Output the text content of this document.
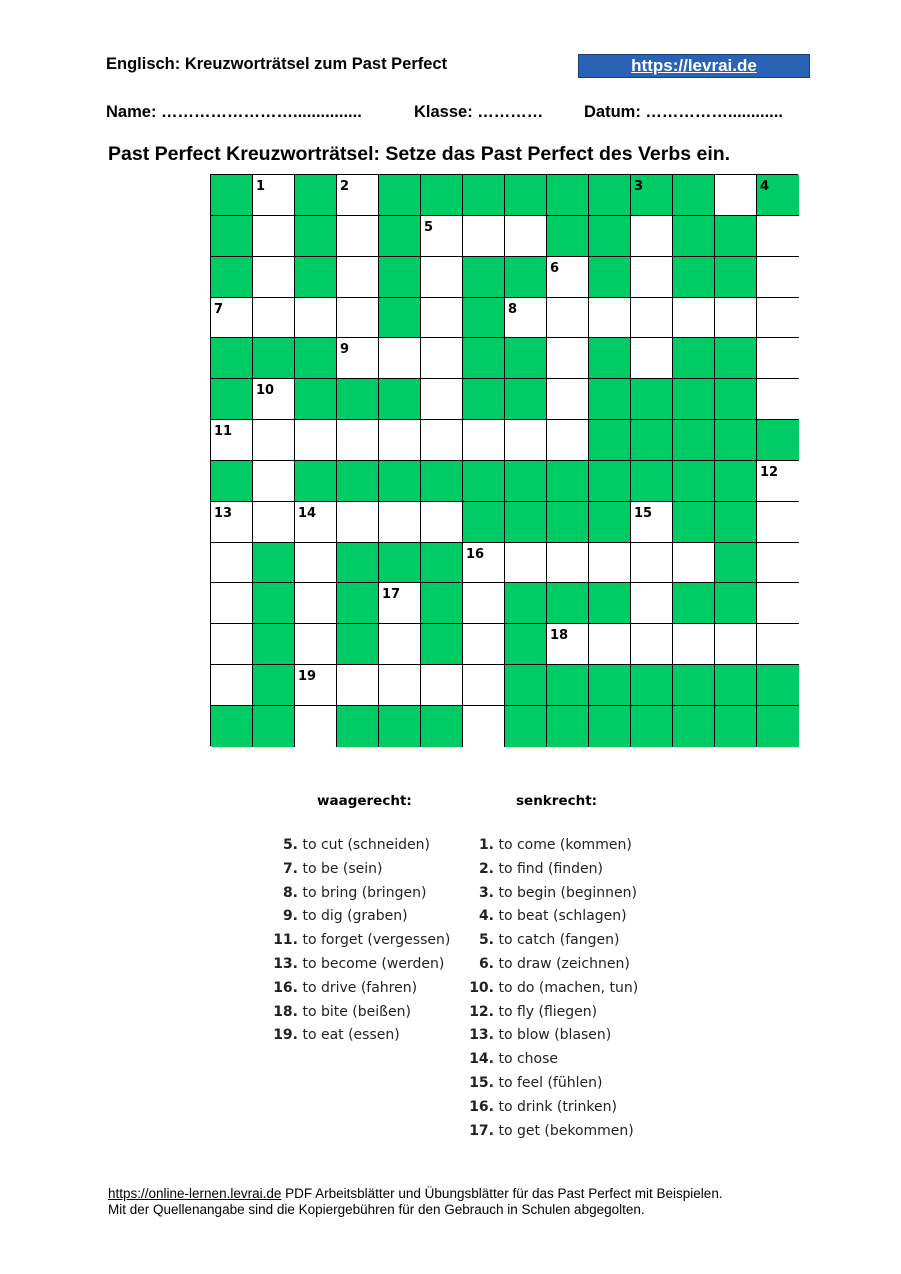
Englisch: Kreuzworträtsel zum Past Perfect	https://levrai.de
Name: ……………………...............	Klasse: ………… Datum: ……………............
Past Perfect Kreuzworträtsel: Setze das Past Perfect des Verbs ein.
1	2	3	4
5
6
7	8
9
10
11
12
13	14	15
16
17
18
19
waagerecht:	senkrecht:
5. to cut (schneiden)
7. to be (sein)
8. to bring (bringen)
9. to dig (graben)
11. to forget (vergessen)
13. to become (werden)
16. to drive (fahren)
18. to bite (beißen)
19. to eat (essen)
1. to come (kommen)
2. to find (finden)
3. to begin (beginnen)
4. to beat (schlagen)
5. to catch (fangen)
6. to draw (zeichnen)
10. to do (machen, tun)
12. to fly (fliegen)
13. to blow (blasen)
14. to chose
15. to feel (fühlen)
16. to drink (trinken)
17. to get (bekommen)
https://online-lernen.levrai.de PDF Arbeitsblätter und Übungsblätter für das Past Perfect mit Beispielen.
Mit der Quellenangabe sind die Kopiergebühren für den Gebrauch in Schulen abgegolten.
